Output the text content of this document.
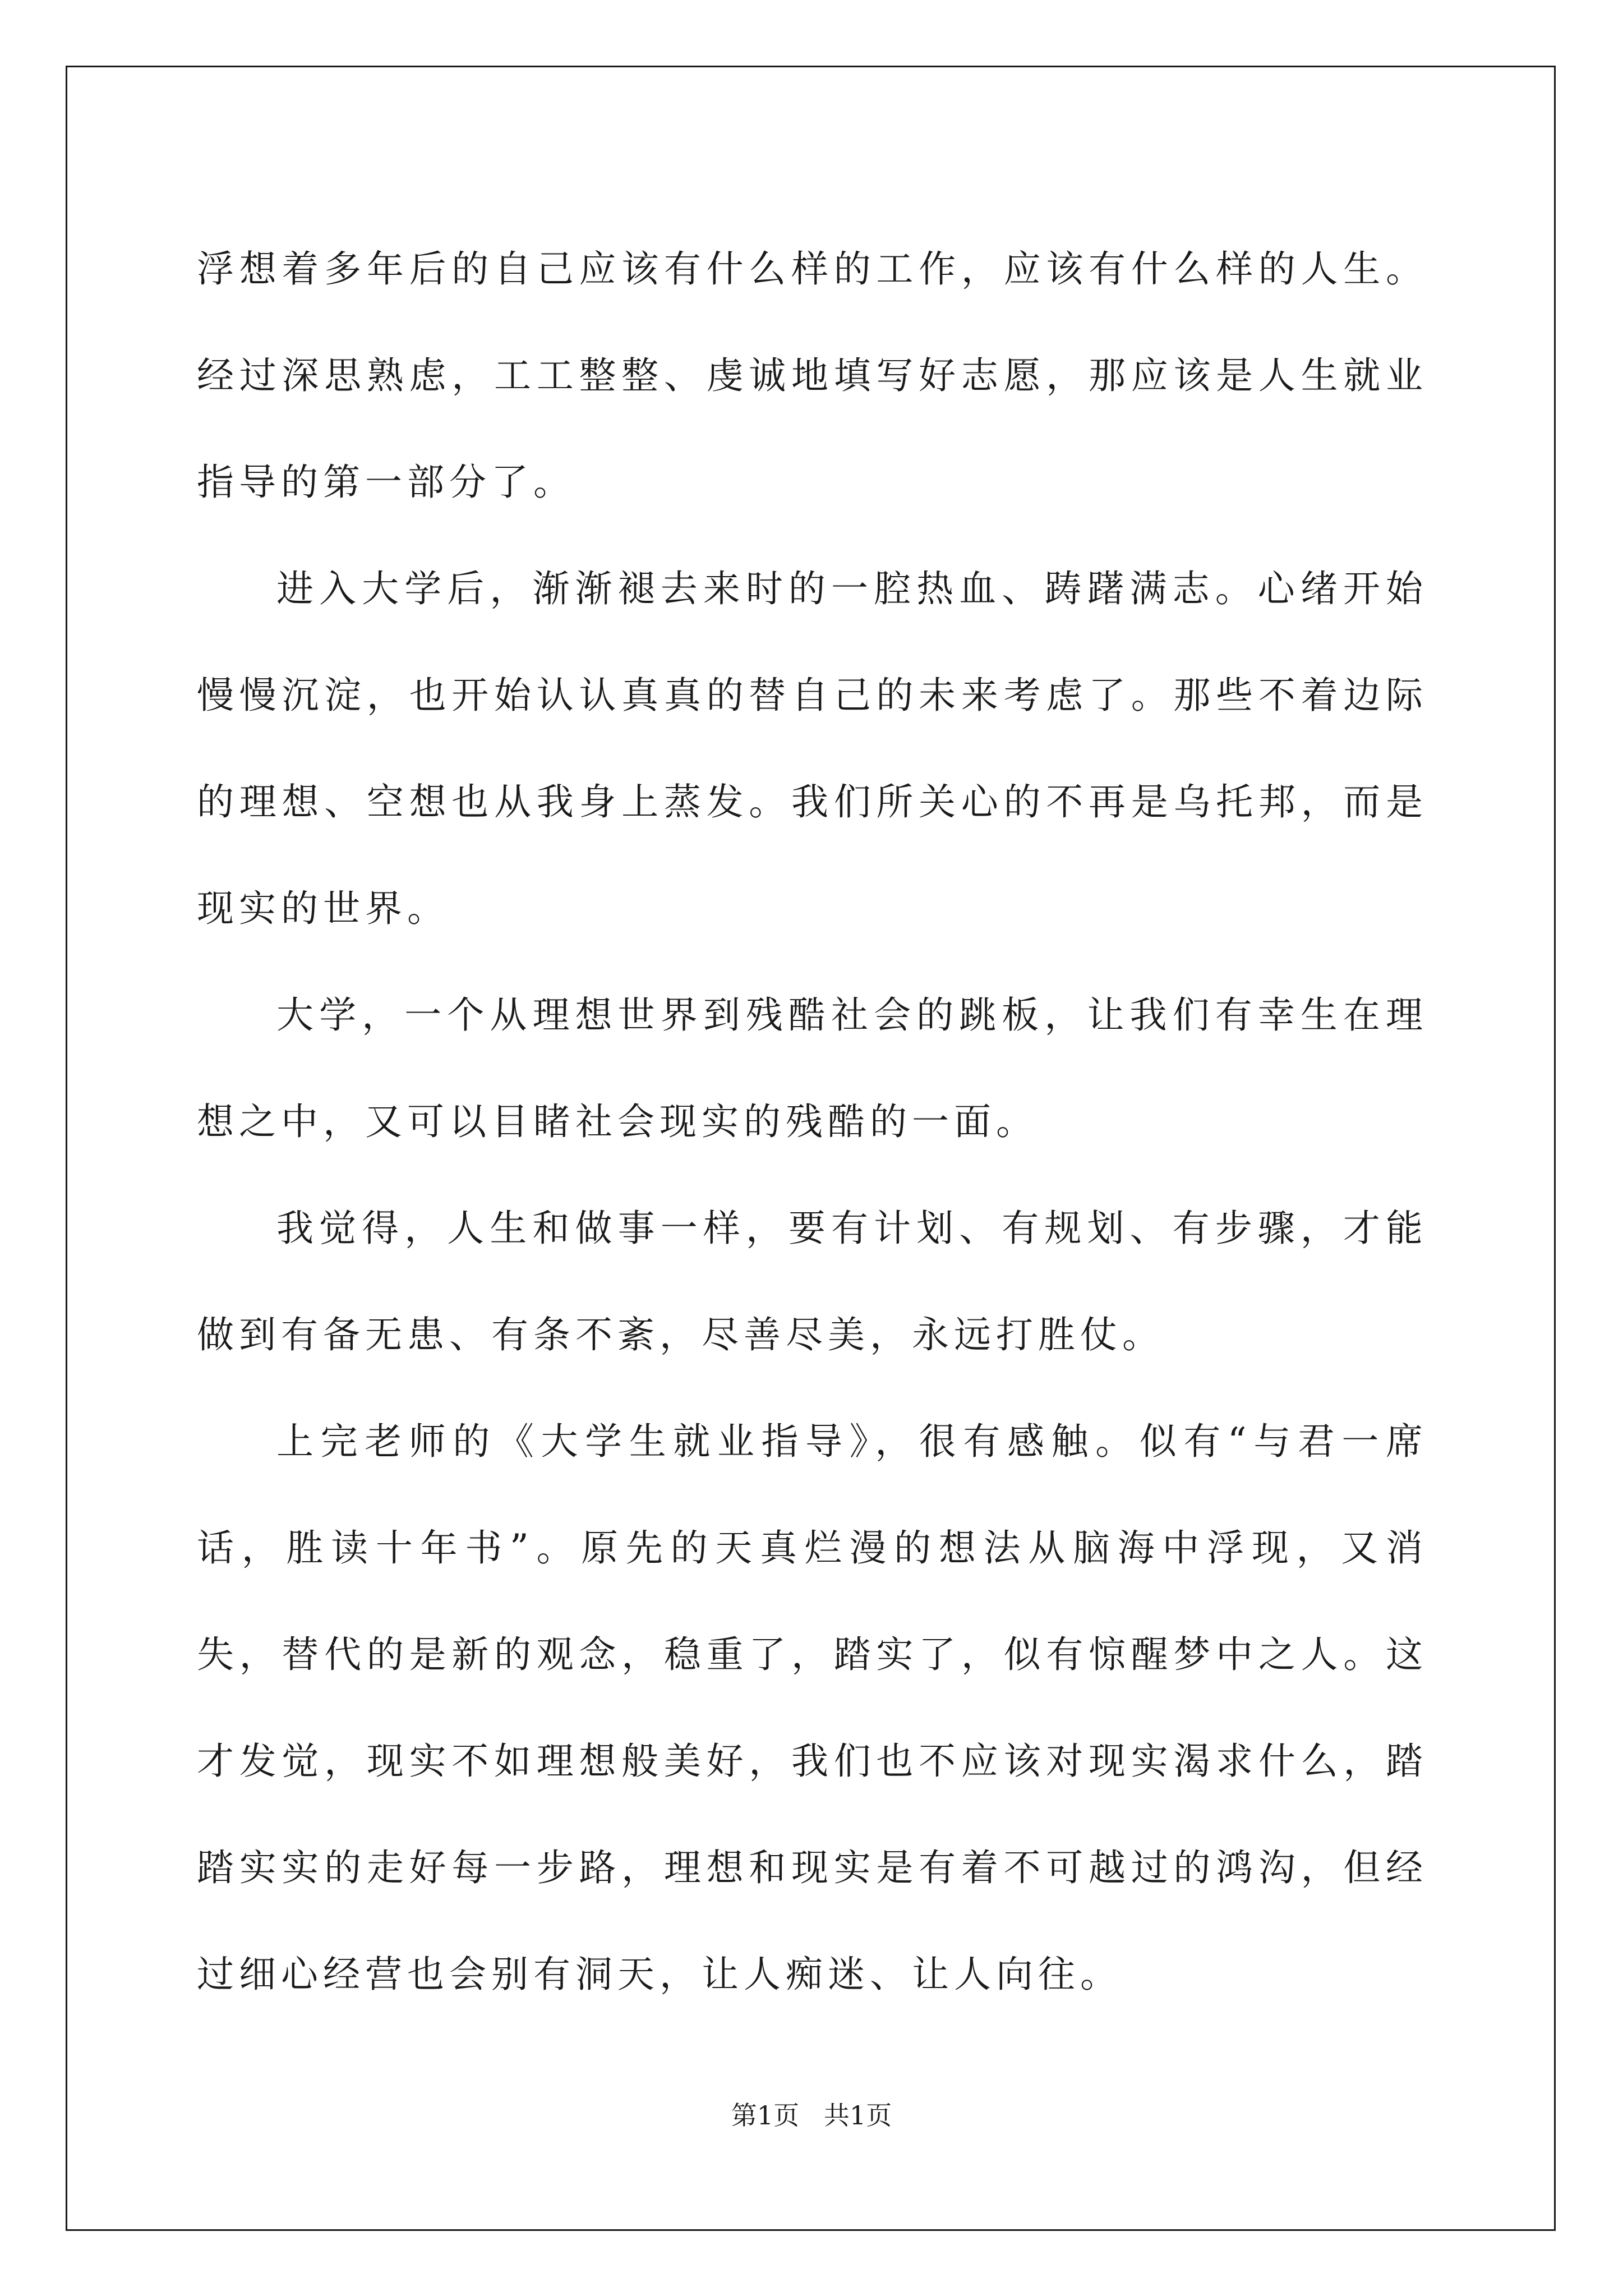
浮想着多年后的自己应该有什么样的工作，应该有什么样的人生。经过深思熟虑，工工整整、虔诚地填写好志愿，那应该是人生就业指导的第一部分了。

进入大学后，渐渐褪去来时的一腔热血、踌躇满志。心绪开始慢慢沉淀，也开始认认真真的替自己的未来考虑了。那些不着边际的理想、空想也从我身上蒸发。我们所关心的不再是乌托邦，而是现实的世界。

大学，一个从理想世界到残酷社会的跳板，让我们有幸生在理想之中，又可以目睹社会现实的残酷的一面。

我觉得，人生和做事一样，要有计划、有规划、有步骤，才能做到有备无患、有条不紊，尽善尽美，永远打胜仗。

上完老师的《大学生就业指导》，很有感触。似有“与君一席话，胜读十年书”。原先的天真烂漫的想法从脑海中浮现，又消失，替代的是新的观念，稳重了，踏实了，似有惊醒梦中之人。这才发觉，现实不如理想般美好，我们也不应该对现实渴求什么，踏踏实实的走好每一步路，理想和现实是有着不可越过的鸿沟，但经过细心经营也会别有洞天，让人痴迷、让人向往。

第1页   共1页
